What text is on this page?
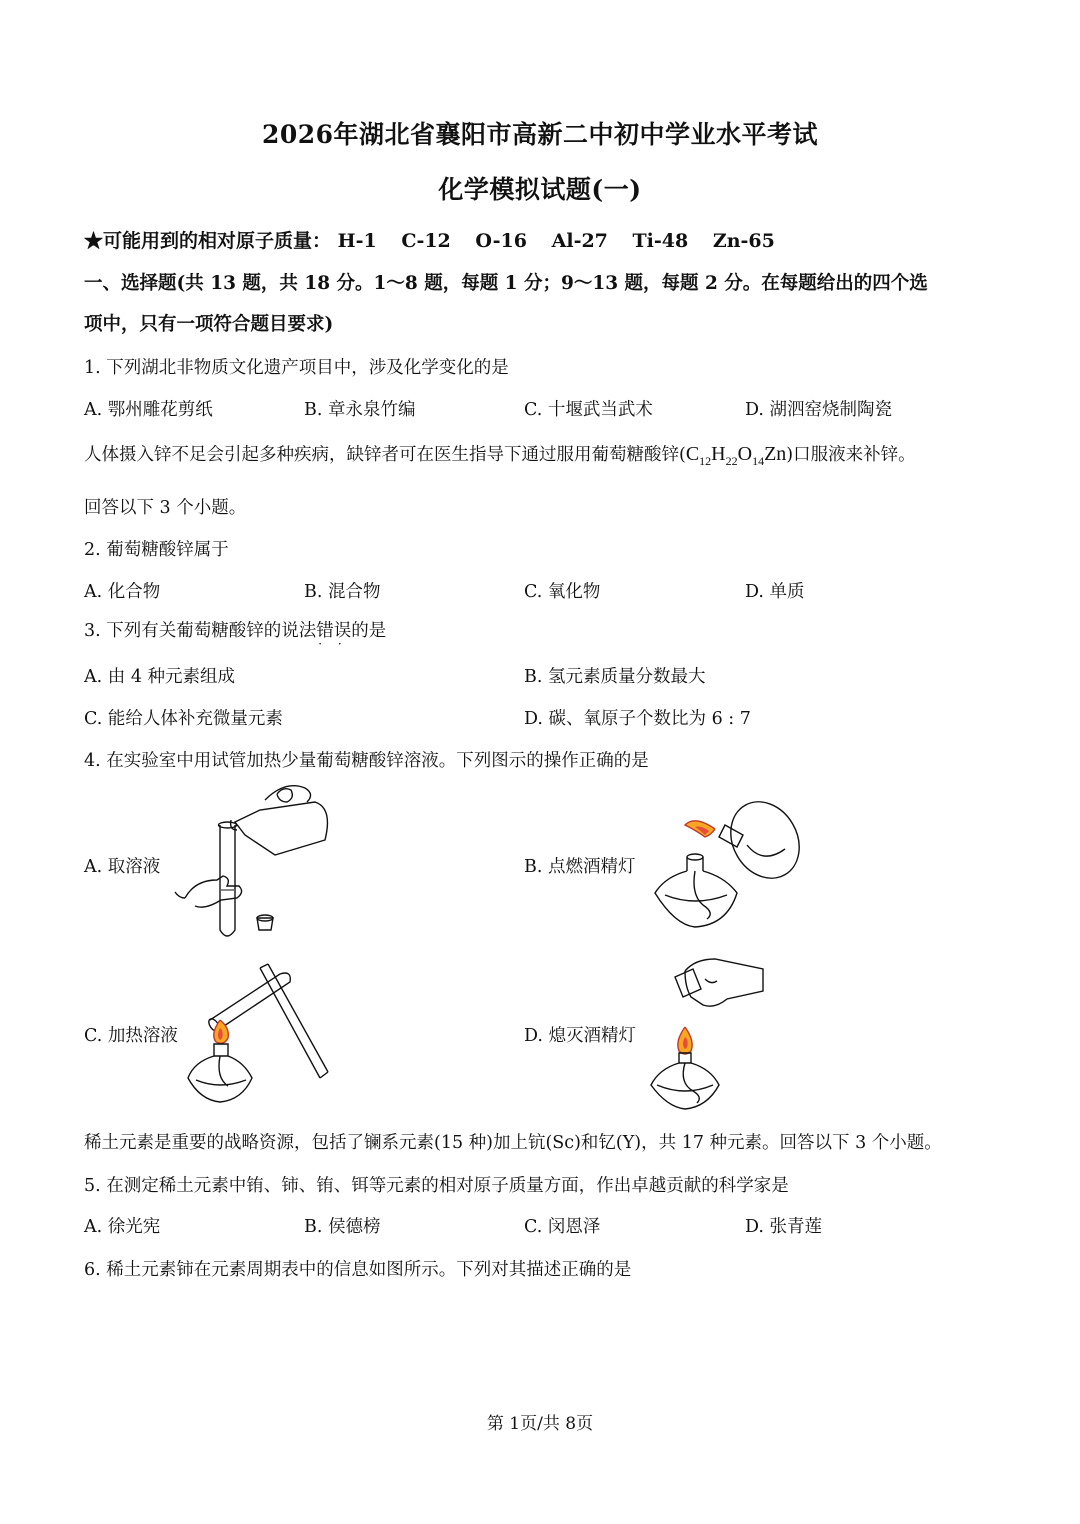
2026年湖北省襄阳市高新二中初中学业水平考试
化学模拟试题(一)
★可能用到的相对原子质量： H-1 C-12 O-16 Al-27 Ti-48 Zn-65
一、选择题(共 13 题，共 18 分。1～8 题，每题 1 分；9～13 题，每题 2 分。在每题给出的四个选
项中，只有一项符合题目要求)
1. 下列湖北非物质文化遗产项目中，涉及化学变化的是
A. 鄂州雕花剪纸	B. 章永泉竹编	C. 十堰武当武术	D. 湖泗窑烧制陶瓷
人体摄入锌不足会引起多种疾病，缺锌者可在医生指导下通过服用葡萄糖酸锌$(C_{12}H_{22}O_{14}Zn)$口服液来补锌。
回答以下 3 个小题。
2. 葡萄糖酸锌属于
A. 化合物	B. 混合物	C. 氧化物	D. 单质
3. 下列有关葡萄糖酸锌的说法错误 · ·的是
A. 由 4 种元素组成	B. 氢元素质量分数最大
C. 能给人体补充微量元素	D. 碳、氧原子个数比为 6 : 7
4. 在实验室中用试管加热少量葡萄糖酸锌溶液。下列图示的操作正确的是
A. 取溶液	B. 点燃酒精灯
C. 加热溶液	D. 熄灭酒精灯
稀土元素是重要的战略资源，包括了镧系元素(15 种)加上钪(Sc)和钇(Y)，共 17 种元素。回答以下 3 个小题。
5. 在测定稀土元素中铕、铈、铕、铒等元素的相对原子质量方面，作出卓越贡献的科学家是
A. 徐光宪	B. 侯德榜	C. 闵恩泽	D. 张青莲
6. 稀土元素铈在元素周期表中的信息如图所示。下列对其描述正确的是
第 1页/共 8页
